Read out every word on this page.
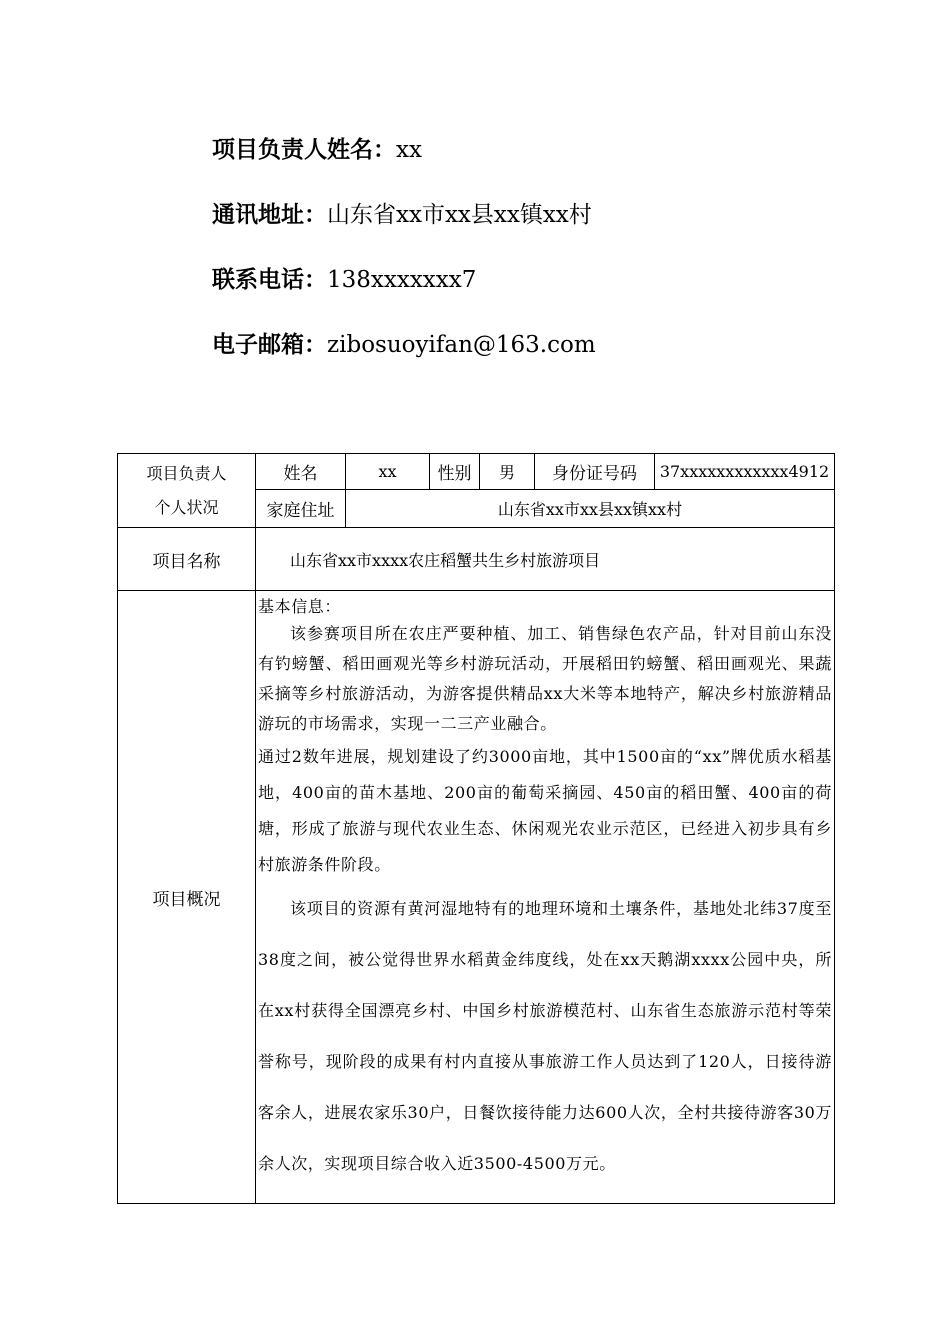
项目负责人姓名：xx
通讯地址：山东省xx市xx县xx镇xx村
联系电话：138xxxxxxx7
电子邮箱：zibosuoyifan@163.com
项目负责人
个人状况	姓名	xx	性别	男	身份证号码	37xxxxxxxxxxxx4912
	家庭住址	山东省xx市xx县xx镇xx村				
项目名称	山东省xx市xxxx农庄稻蟹共生乡村旅游项目					
项目概况	基本信息：

该参赛项目所在农庄严要种植、加工、销售绿色农产品，针对目前山东没有钓螃蟹、稻田画观光等乡村游玩活动，开展稻田钓螃蟹、稻田画观光、果蔬采摘等乡村旅游活动，为游客提供精品xx大米等本地特产，解决乡村旅游精品游玩的市场需求，实现一二三产业融合。

通过2数年进展，规划建设了约3000亩地，其中1500亩的“xx”牌优质水稻基地，400亩的苗木基地、200亩的葡萄采摘园、450亩的稻田蟹、400亩的荷塘，形成了旅游与现代农业生态、休闲观光农业示范区，已经进入初步具有乡村旅游条件阶段。

该项目的资源有黄河湿地特有的地理环境和土壤条件，基地处北纬37度至38度之间，被公觉得世界水稻黄金纬度线，处在xx天鹅湖xxxx公园中央，所在xx村获得全国漂亮乡村、中国乡村旅游模范村、山东省生态旅游示范村等荣誉称号，现阶段的成果有村内直接从事旅游工作人员达到了120人，日接待游客余人，进展农家乐30户，日餐饮接待能力达600人次，全村共接待游客30万余人次，实现项目综合收入近3500-4500万元。					
